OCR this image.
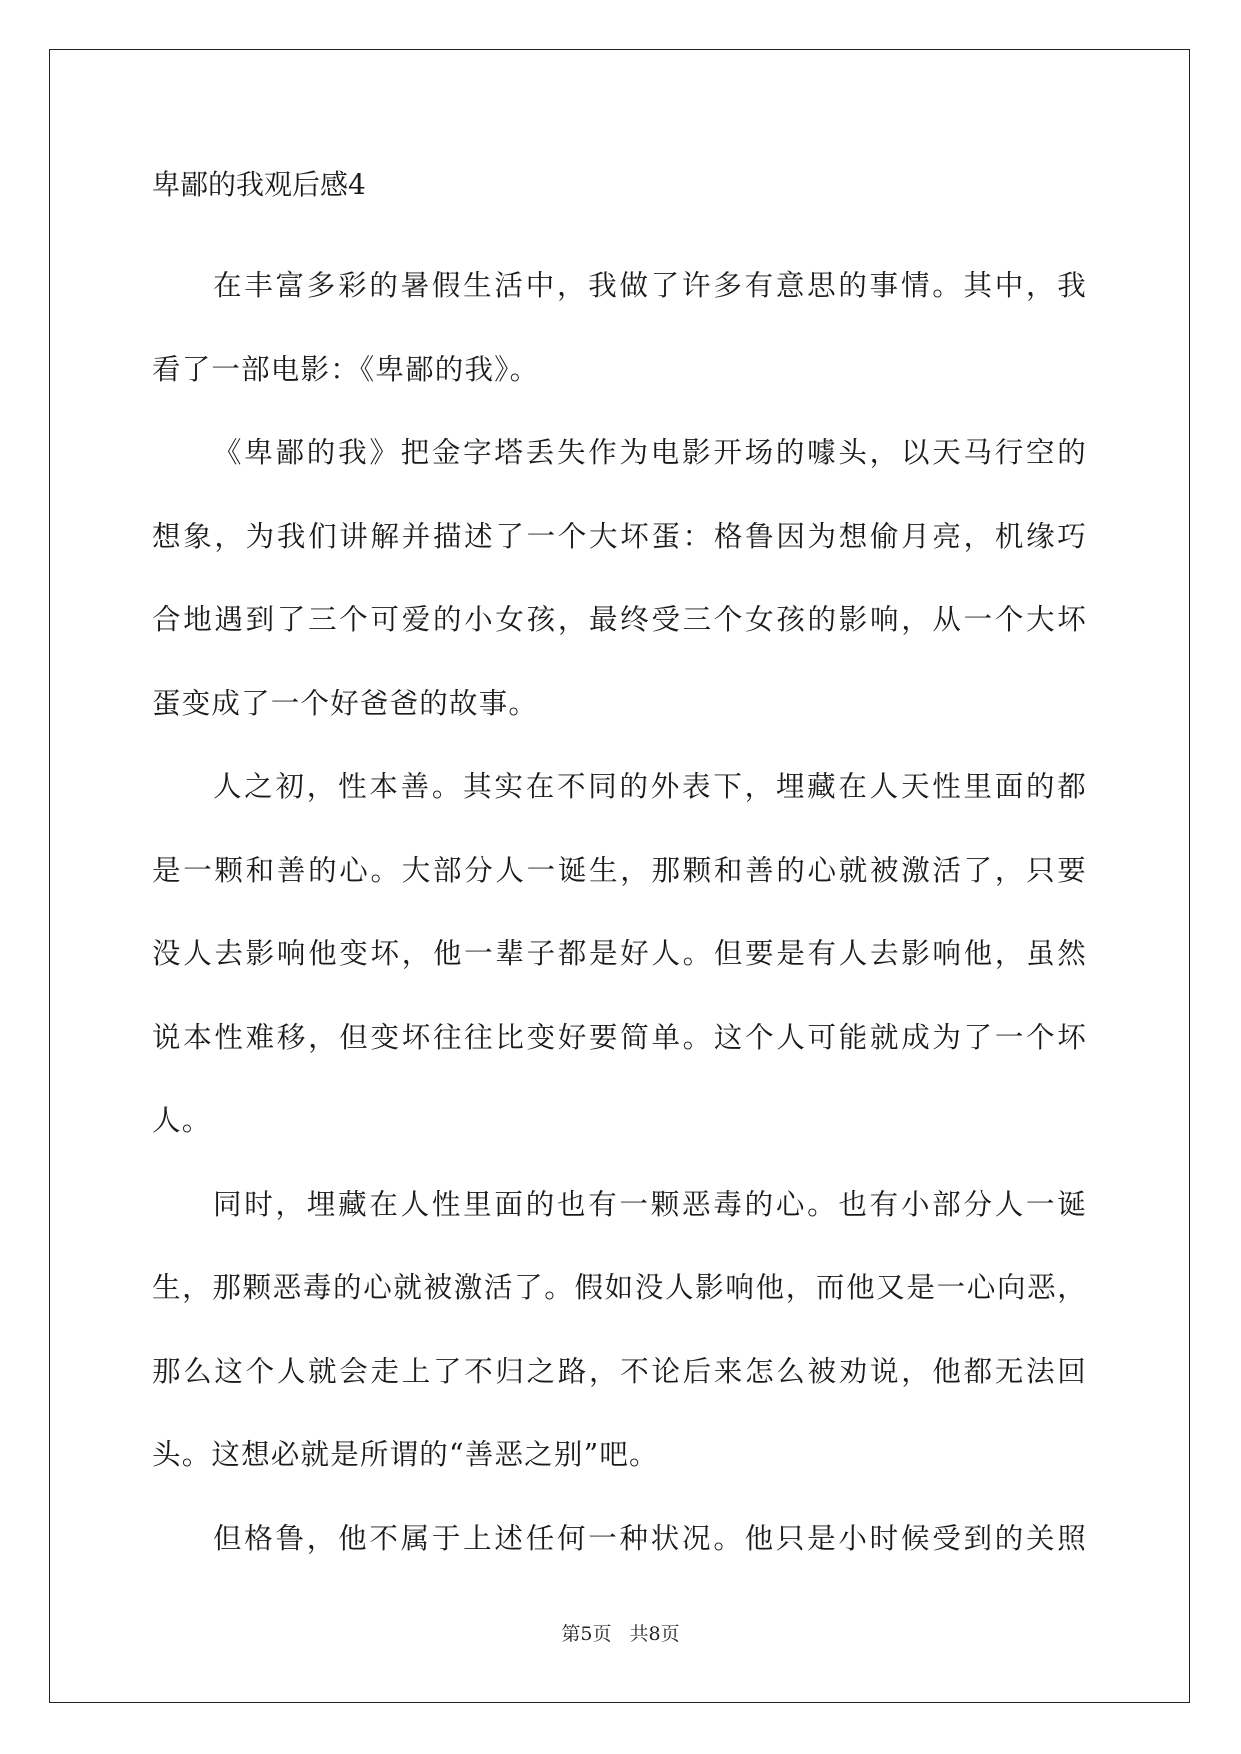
卑鄙的我观后感4
在丰富多彩的暑假生活中，我做了许多有意思的事情。其中，我
看了一部电影：《卑鄙的我》。
《卑鄙的我》把金字塔丢失作为电影开场的噱头，以天马行空的
想象，为我们讲解并描述了一个大坏蛋：格鲁因为想偷月亮，机缘巧
合地遇到了三个可爱的小女孩，最终受三个女孩的影响，从一个大坏
蛋变成了一个好爸爸的故事。
人之初，性本善。其实在不同的外表下，埋藏在人天性里面的都
是一颗和善的心。大部分人一诞生，那颗和善的心就被激活了，只要
没人去影响他变坏，他一辈子都是好人。但要是有人去影响他，虽然
说本性难移，但变坏往往比变好要简单。这个人可能就成为了一个坏
人。
同时，埋藏在人性里面的也有一颗恶毒的心。也有小部分人一诞
生，那颗恶毒的心就被激活了。假如没人影响他，而他又是一心向恶，
那么这个人就会走上了不归之路，不论后来怎么被劝说，他都无法回
头。这想必就是所谓的“善恶之别”吧。
但格鲁，他不属于上述任何一种状况。他只是小时候受到的关照
第5页 共8页
